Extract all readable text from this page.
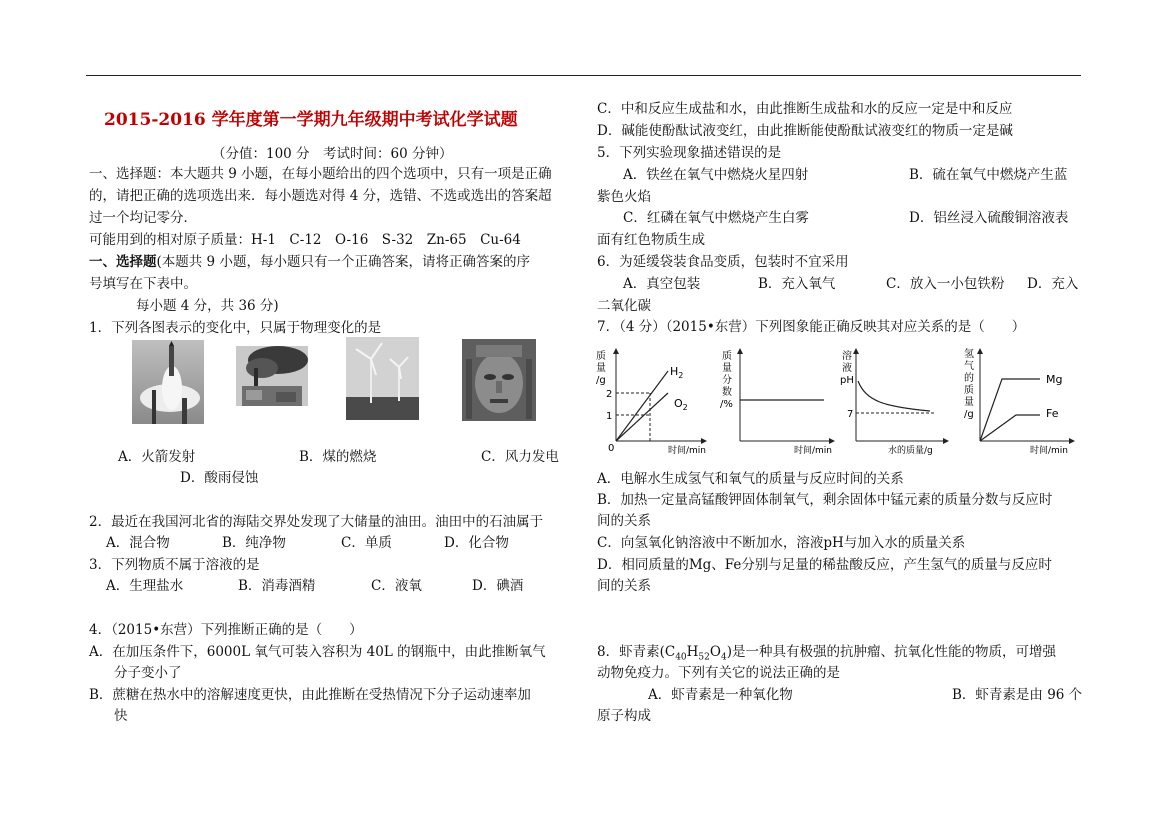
2015-2016 学年度第一学期九年级期中考试化学试题
（分值：100 分　考试时间：60 分钟）
一、选择题：本大题共 9 小题，在每小题给出的四个选项中，只有一项是正确
的，请把正确的选项选出来．每小题选对得 4 分，选错、不选或选出的答案超
过一个均记零分．
可能用到的相对原子质量：H-1　C-12　O-16　S-32　Zn-65　Cu-64
一、选择题(本题共 9 小题，每小题只有一个正确答案，请将正确答案的序
号填写在下表中。
每小题 4 分，共 36 分)
1．下列各图表示的变化中，只属于物理变化的是
A．火箭发射	B．煤的燃烧	C．风力发电
D．酸雨侵蚀
2．最近在我国河北省的海陆交界处发现了大储量的油田。油田中的石油属于
A．混合物	B．纯净物	C．单质	D．化合物
3．下列物质不属于溶液的是
A．生理盐水	B．消毒酒精	C．液氧	D．碘酒
4．（2015•东营）下列推断正确的是（　　）
A．在加压条件下，6000L 氧气可装入容积为 40L 的钢瓶中，由此推断氧气
分子变小了
B．蔗糖在热水中的溶解速度更快，由此推断在受热情况下分子运动速率加
快
C．中和反应生成盐和水，由此推断生成盐和水的反应一定是中和反应
D．碱能使酚酞试液变红，由此推断能使酚酞试液变红的物质一定是碱
5．下列实验现象描述错误的是
A．铁丝在氧气中燃烧火星四射	B．硫在氧气中燃烧产生蓝
紫色火焰
C．红磷在氧气中燃烧产生白雾	D．铝丝浸入硫酸铜溶液表
面有红色物质生成
6．为延缓袋装食品变质，包装时不宜采用
A．真空包装	B．充入氧气	C．放入一小包铁粉 D．充入
二氧化碳
7．（4 分）（2015•东营）下列图象能正确反映其对应关系的是（　　）
质
量
/g
2
1
0
$H_2$
$O_2$
时间/min
质
量
分
数
/%
时间/min
溶
液
pH
7
水的质量/g
氢
气
的
质
量
/g
Mg
Fe
时间/min
A．电解水生成氢气和氧气的质量与反应时间的关系
B．加热一定量高锰酸钾固体制氧气，剩余固体中锰元素的质量分数与反应时
间的关系
C．向氢氧化钠溶液中不断加水，溶液pH与加入水的质量关系
D．相同质量的Mg、Fe分别与足量的稀盐酸反应，产生氢气的质量与反应时
间的关系
8．虾青素$(C_{40}H_{52}O_4)$是一种具有极强的抗肿瘤、抗氧化性能的物质，可增强
动物免疫力。下列有关它的说法正确的是
A．虾青素是一种氧化物	B．虾青素是由 96 个
原子构成
